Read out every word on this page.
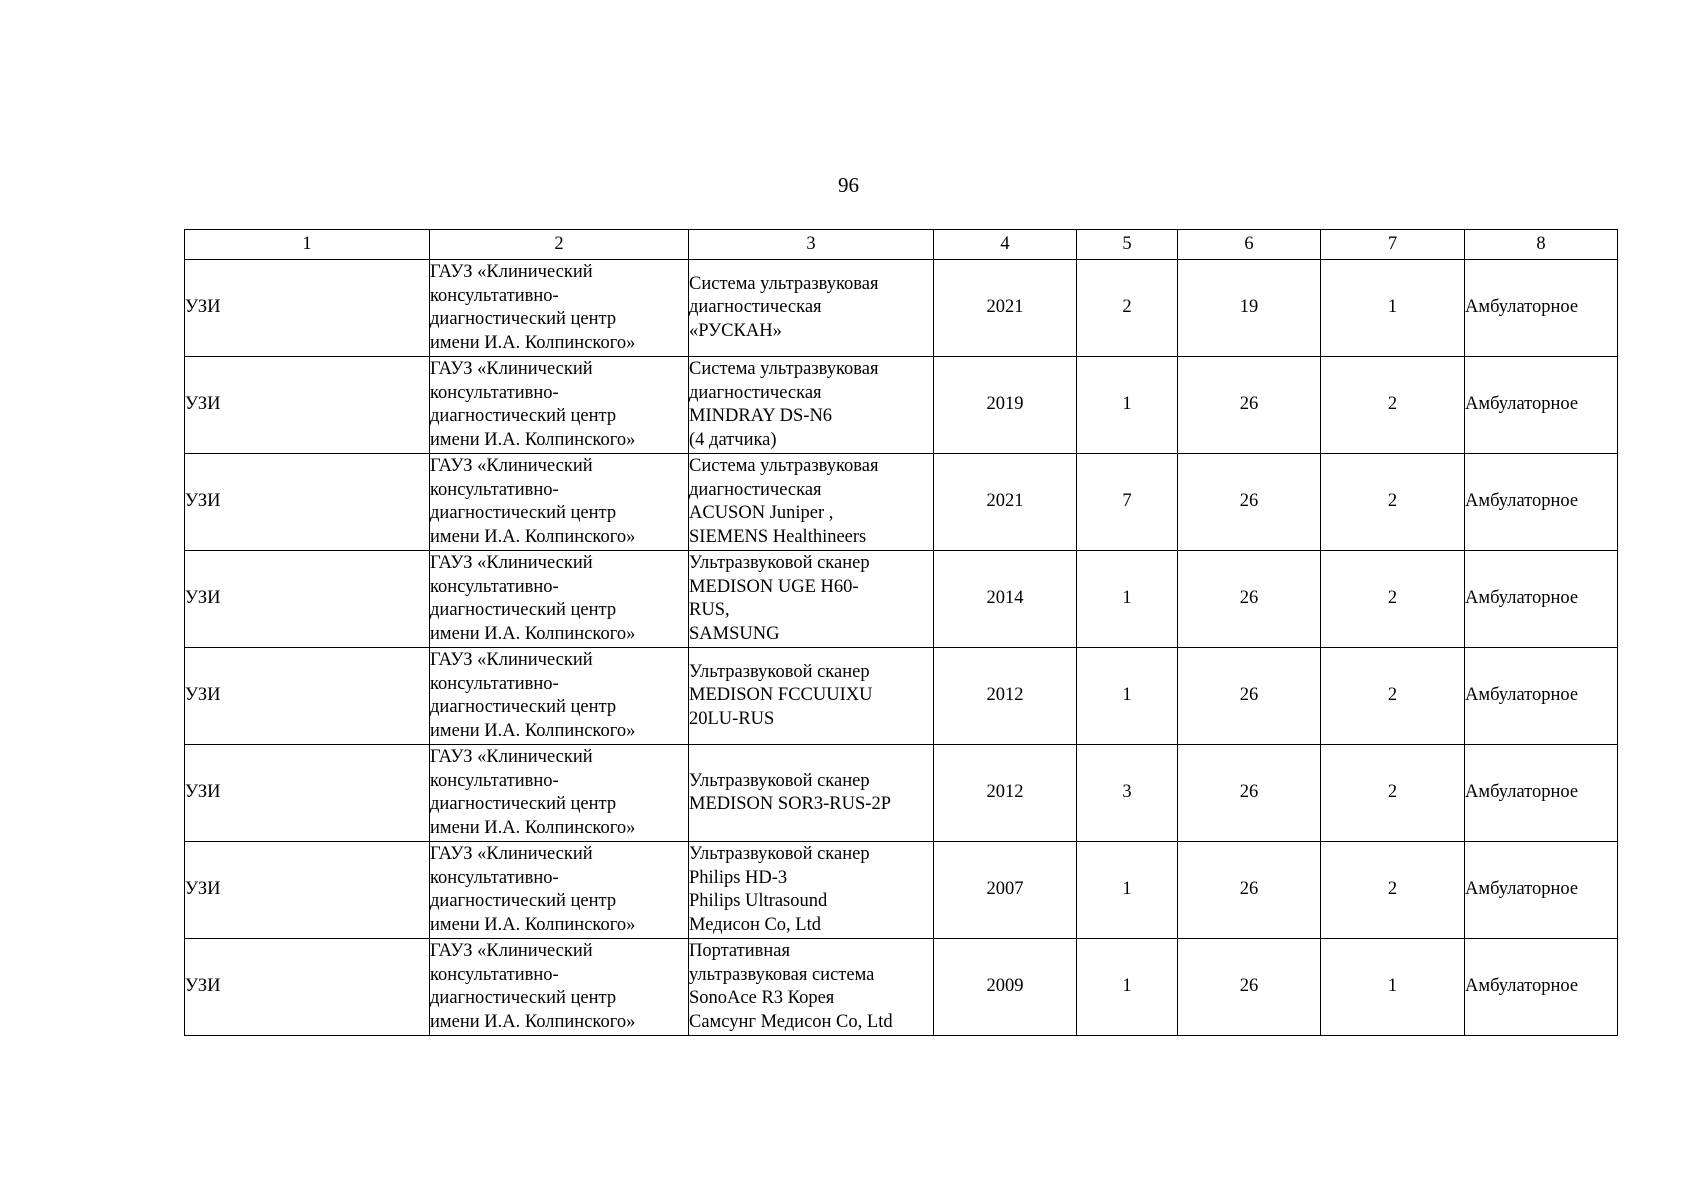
96
1	2	3	4	5	6	7	8
УЗИ	ГАУЗ «Клинический
консультативно-
диагностический центр
имени И.А. Колпинского»	Система ультразвуковая
диагностическая
«РУСКАН»	2021	2	19	1	Амбулаторное
УЗИ	ГАУЗ «Клинический
консультативно-
диагностический центр
имени И.А. Колпинского»	Система ультразвуковая
диагностическая
MINDRAY DS-N6
(4 датчика)	2019	1	26	2	Амбулаторное
УЗИ	ГАУЗ «Клинический
консультативно-
диагностический центр
имени И.А. Колпинского»	Система ультразвуковая
диагностическая
ACUSON Juniper ,
SIEMENS Healthineers	2021	7	26	2	Амбулаторное
УЗИ	ГАУЗ «Клинический
консультативно-
диагностический центр
имени И.А. Колпинского»	Ультразвуковой сканер
MEDISON UGE H60-
RUS,
SAMSUNG	2014	1	26	2	Амбулаторное
УЗИ	ГАУЗ «Клинический
консультативно-
диагностический центр
имени И.А. Колпинского»	Ультразвуковой сканер
MEDISON FCCUUIXU
20LU-RUS	2012	1	26	2	Амбулаторное
УЗИ	ГАУЗ «Клинический
консультативно-
диагностический центр
имени И.А. Колпинского»	Ультразвуковой сканер
MEDISON SOR3-RUS-2P	2012	3	26	2	Амбулаторное
УЗИ	ГАУЗ «Клинический
консультативно-
диагностический центр
имени И.А. Колпинского»	Ультразвуковой сканер
Philips HD-3
Philips Ultrasound
Медисон Co, Ltd	2007	1	26	2	Амбулаторное
УЗИ	ГАУЗ «Клинический
консультативно-
диагностический центр
имени И.А. Колпинского»	Портативная
ультразвуковая система
SonoAce R3 Корея
Самсунг Медисон Co, Ltd	2009	1	26	1	Амбулаторное
